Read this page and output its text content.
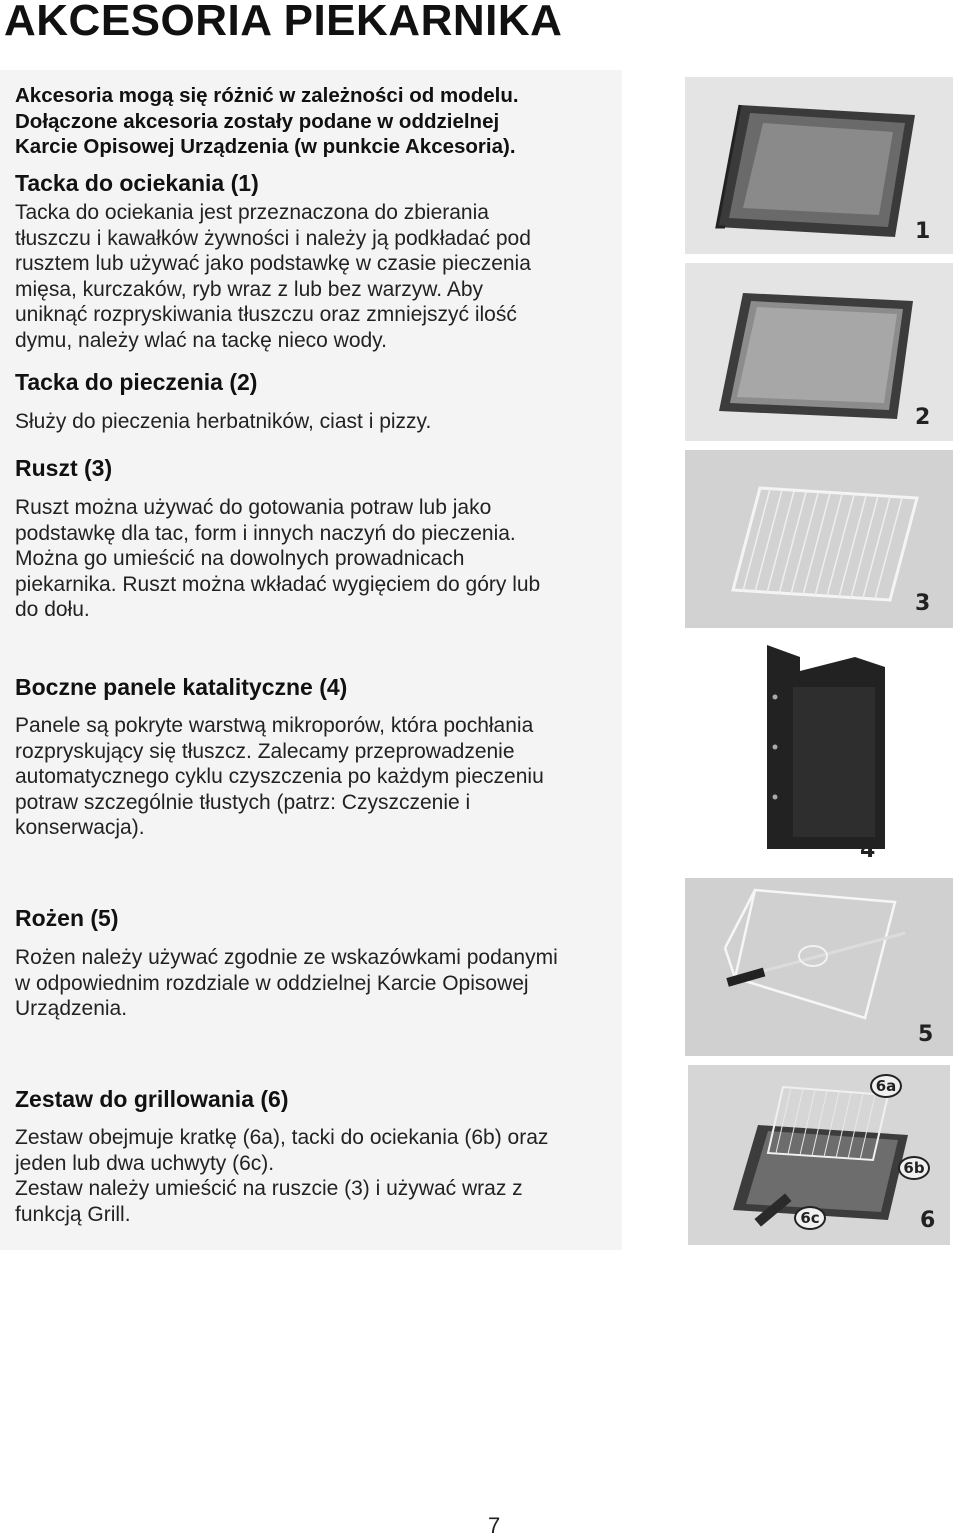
AKCESORIA PIEKARNIKA
Akcesoria mogą się różnić w zależności od modelu.
Dołączone akcesoria zostały podane w oddzielnej
Karcie Opisowej Urządzenia (w punkcie Akcesoria).
Tacka do ociekania (1)
Tacka do ociekania jest przeznaczona do zbierania
tłuszczu i kawałków żywności i należy ją podkładać pod
rusztem lub używać jako podstawkę w czasie pieczenia
mięsa, kurczaków, ryb wraz z lub bez warzyw. Aby
uniknąć rozpryskiwania tłuszczu oraz zmniejszyć ilość
dymu, należy wlać na tackę nieco wody.
Tacka do pieczenia (2)
Służy do pieczenia herbatników, ciast i pizzy.
Ruszt (3)
Ruszt można używać do gotowania potraw lub jako
podstawkę dla tac, form i innych naczyń do pieczenia.
Można go umieścić na dowolnych prowadnicach
piekarnika. Ruszt można wkładać wygięciem do góry lub
do dołu.
Boczne panele katalityczne (4)
Panele są pokryte warstwą mikroporów, która pochłania
rozpryskujący się tłuszcz. Zalecamy przeprowadzenie
automatycznego cyklu czyszczenia po każdym pieczeniu
potraw szczególnie tłustych (patrz: Czyszczenie i
konserwacja).
Rożen (5)
Rożen należy używać zgodnie ze wskazówkami podanymi
w odpowiednim rozdziale w oddzielnej Karcie Opisowej
Urządzenia.
Zestaw do grillowania (6)
Zestaw obejmuje kratkę (6a), tacki do ociekania (6b) oraz
jeden lub dwa uchwyty (6c).
Zestaw należy umieścić na ruszcie (3) i używać wraz z
funkcją Grill.
1
2
3
4
5
6a
6b
6c	6
7
